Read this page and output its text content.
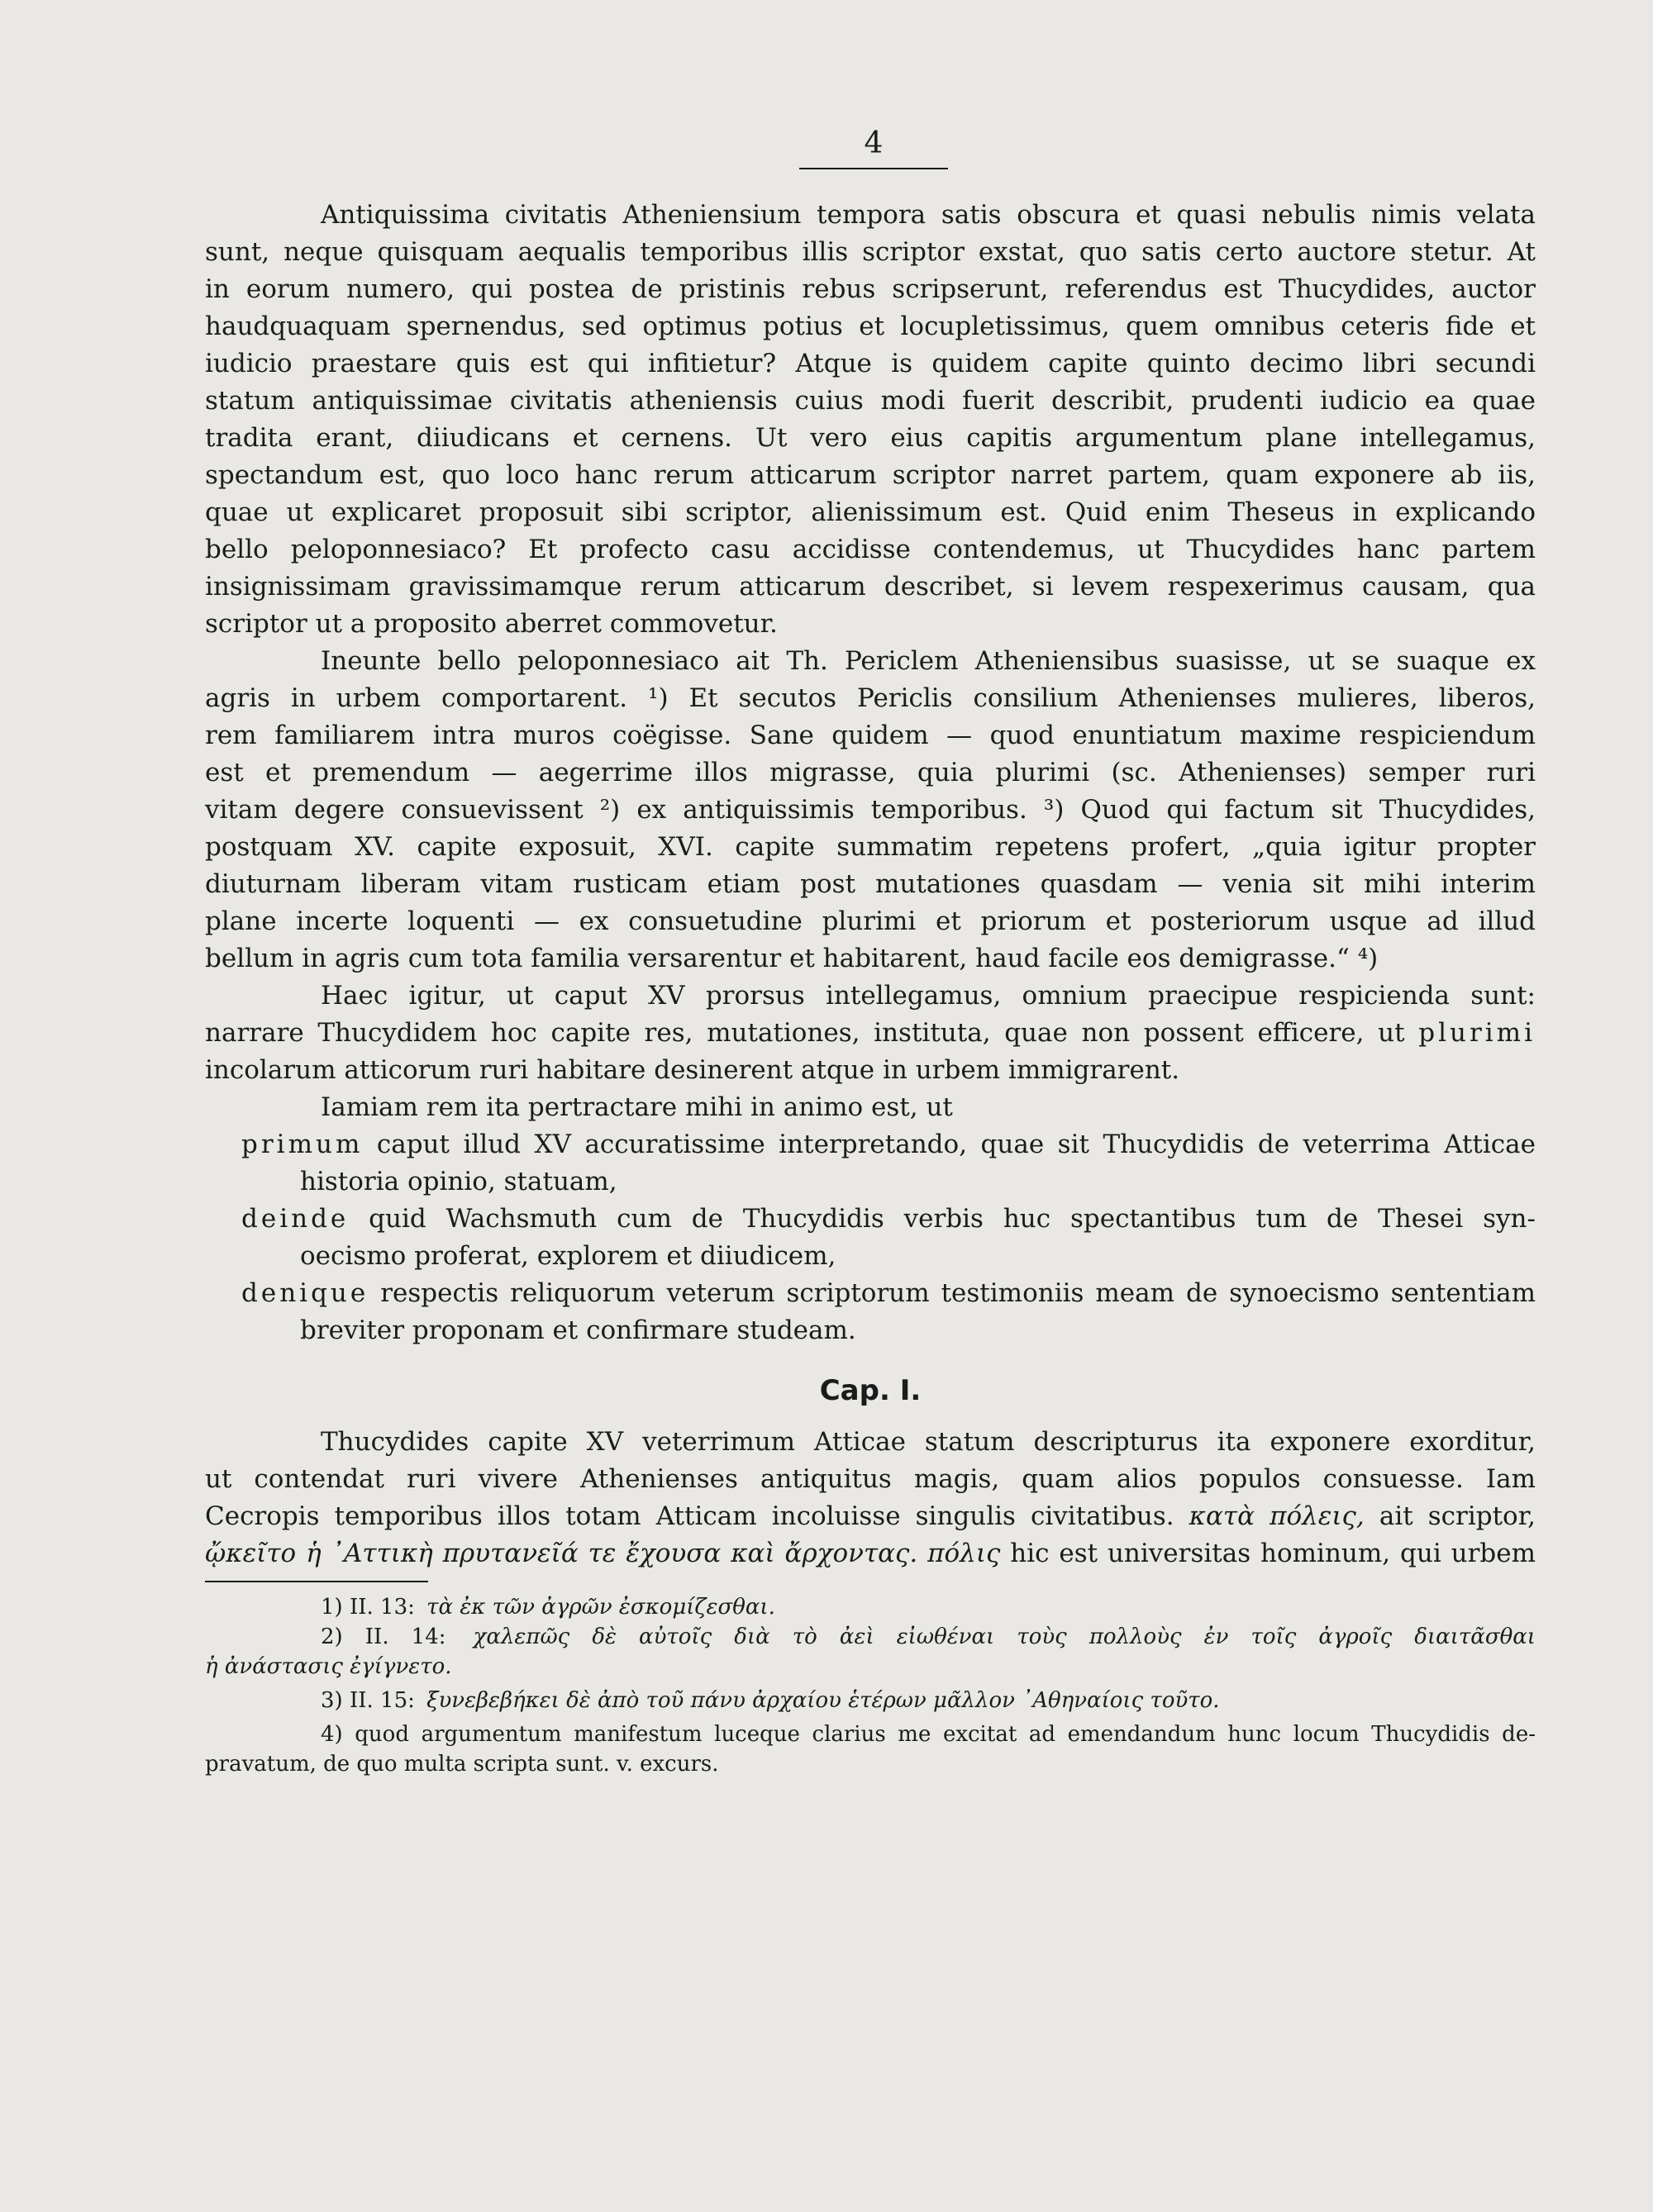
4
Antiquissima civitatis Atheniensium tempora satis obscura et quasi nebulis nimis velata
sunt, neque quisquam aequalis temporibus illis scriptor exstat, quo satis certo auctore stetur. At
in eorum numero, qui postea de pristinis rebus scripserunt, referendus est Thucydides, auctor
haudquaquam spernendus, sed optimus potius et locupletissimus, quem omnibus ceteris fide et
iudicio praestare quis est qui infitietur? Atque is quidem capite quinto decimo libri secundi
statum antiquissimae civitatis atheniensis cuius modi fuerit describit, prudenti iudicio ea quae
tradita erant, diiudicans et cernens. Ut vero eius capitis argumentum plane intellegamus,
spectandum est, quo loco hanc rerum atticarum scriptor narret partem, quam exponere ab iis,
quae ut explicaret proposuit sibi scriptor, alienissimum est. Quid enim Theseus in explicando
bello peloponnesiaco? Et profecto casu accidisse contendemus, ut Thucydides hanc partem
insignissimam gravissimamque rerum atticarum describet, si levem respexerimus causam, qua
scriptor ut a proposito aberret commovetur.
Ineunte bello peloponnesiaco ait Th. Periclem Atheniensibus suasisse, ut se suaque ex
agris in urbem comportarent. ¹) Et secutos Periclis consilium Athenienses mulieres, liberos,
rem familiarem intra muros coëgisse. Sane quidem — quod enuntiatum maxime respiciendum
est et premendum — aegerrime illos migrasse, quia plurimi (sc. Athenienses) semper ruri
vitam degere consuevissent ²) ex antiquissimis temporibus. ³) Quod qui factum sit Thucydides,
postquam XV. capite exposuit, XVI. capite summatim repetens profert, „quia igitur propter
diuturnam liberam vitam rusticam etiam post mutationes quasdam — venia sit mihi interim
plane incerte loquenti — ex consuetudine plurimi et priorum et posteriorum usque ad illud
bellum in agris cum tota familia versarentur et habitarent, haud facile eos demigrasse.“ ⁴)
Haec igitur, ut caput XV prorsus intellegamus, omnium praecipue respicienda sunt:
narrare Thucydidem hoc capite res, mutationes, instituta, quae non possent efficere, ut plurimi
incolarum atticorum ruri habitare desinerent atque in urbem immigrarent.
Iamiam rem ita pertractare mihi in animo est, ut
primum caput illud XV accuratissime interpretando, quae sit Thucydidis de veterrima Atticae
historia opinio, statuam,
deinde quid Wachsmuth cum de Thucydidis verbis huc spectantibus tum de Thesei syn-
oecismo proferat, explorem et diiudicem,
denique respectis reliquorum veterum scriptorum testimoniis meam de synoecismo sententiam
breviter proponam et confirmare studeam.
Cap. I.
Thucydides capite XV veterrimum Atticae statum descripturus ita exponere exorditur,
ut contendat ruri vivere Athenienses antiquitus magis, quam alios populos consuesse. Iam
Cecropis temporibus illos totam Atticam incoluisse singulis civitatibus. κατὰ πόλεις, ait scriptor,
ᾤκεῖτο ἡ ᾿Αττικὴ πρυτανεῖά τε ἔχουσα καὶ ἄρχοντας. πόλις hic est universitas hominum, qui urbem
1) II. 13: τὰ ἐκ τῶν ἀγρῶν ἐσκομίζεσθαι.
2) II. 14: χαλεπῶς δὲ αὐτοῖς διὰ τὸ ἀεὶ εἰωθέναι τοὺς πολλοὺς ἐν τοῖς ἀγροῖς διαιτᾶσθαι
ἡ ἀνάστασις ἐγίγνετο.
3) II. 15: ξυνεβεβήκει δὲ ἀπὸ τοῦ πάνυ ἀρχαίου ἑτέρων μᾶλλον ᾿Αθηναίοις τοῦτο.
4) quod argumentum manifestum luceque clarius me excitat ad emendandum hunc locum Thucydidis de-
pravatum, de quo multa scripta sunt. v. excurs.
